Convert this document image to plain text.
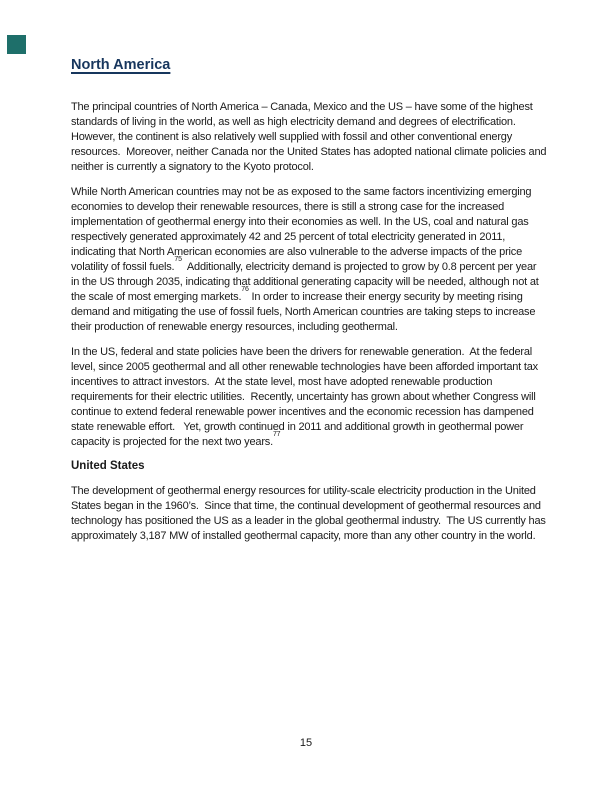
North America

The principal countries of North America – Canada, Mexico and the US – have some of the highest standards of living in the world, as well as high electricity demand and degrees of electrification. However, the continent is also relatively well supplied with fossil and other conventional energy resources.  Moreover, neither Canada nor the United States has adopted national climate policies and neither is currently a signatory to the Kyoto protocol.

While North American countries may not be as exposed to the same factors incentivizing emerging economies to develop their renewable resources, there is still a strong case for the increased implementation of geothermal energy into their economies as well. In the US, coal and natural gas respectively generated approximately 42 and 25 percent of total electricity generated in 2011, indicating that North American economies are also vulnerable to the adverse impacts of the price volatility of fossil fuels.$^{75}$  Additionally, electricity demand is projected to grow by 0.8 percent per year in the US through 2035, indicating that additional generating capacity will be needed, although not at the scale of most emerging markets.$^{76}$ In order to increase their energy security by meeting rising demand and mitigating the use of fossil fuels, North American countries are taking steps to increase their production of renewable energy resources, including geothermal.

In the US, federal and state policies have been the drivers for renewable generation.  At the federal level, since 2005 geothermal and all other renewable technologies have been afforded important tax incentives to attract investors.  At the state level, most have adopted renewable production requirements for their electric utilities.  Recently, uncertainty has grown about whether Congress will continue to extend federal renewable power incentives and the economic recession has dampened state renewable effort.   Yet, growth continued in 2011 and additional growth in geothermal power capacity is projected for the next two years.$^{77}$

United States

The development of geothermal energy resources for utility-scale electricity production in the United States began in the 1960’s.  Since that time, the continual development of geothermal resources and technology has positioned the US as a leader in the global geothermal industry.  The US currently has approximately 3,187 MW of installed geothermal capacity, more than any other country in the world.

15
